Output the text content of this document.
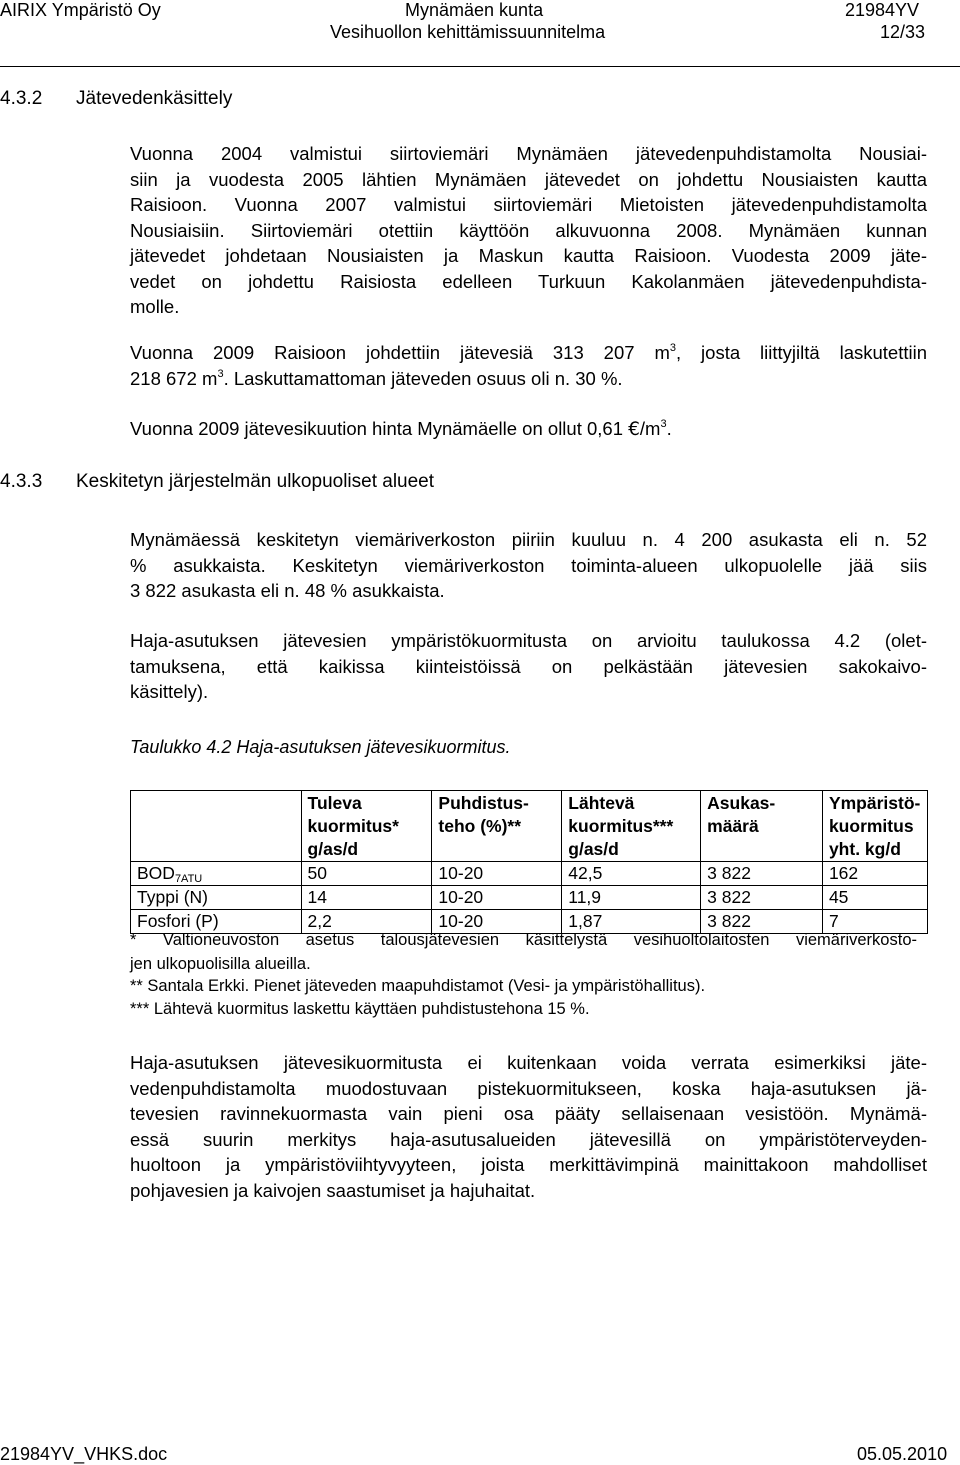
AIRIX Ympäristö Oy	Mynämäen kunta	21984YV
Vesihuollon kehittämissuunnitelma	12/33
4.3.2 Jätevedenkäsittely
Vuonna 2004 valmistui siirtoviemäri Mynämäen jätevedenpuhdistamolta Nousiai-
siin ja vuodesta 2005 lähtien Mynämäen jätevedet on johdettu Nousiaisten kautta
Raisioon. Vuonna 2007 valmistui siirtoviemäri Mietoisten jätevedenpuhdistamolta
Nousiaisiin. Siirtoviemäri otettiin käyttöön alkuvuonna 2008. Mynämäen kunnan
jätevedet johdetaan Nousiaisten ja Maskun kautta Raisioon. Vuodesta 2009 jäte-
vedet on johdettu Raisiosta edelleen Turkuun Kakolanmäen jätevedenpuhdista-
molle.
Vuonna 2009 Raisioon johdettiin jätevesiä 313 207 $m^3$, josta liittyjiltä laskutettiin
218 672 $m^3$. Laskuttamattoman jäteveden osuus oli n. 30 %.
Vuonna 2009 jätevesikuution hinta Mynämäelle on ollut 0,61 $€/m^3$.
4.3.3 Keskitetyn järjestelmän ulkopuoliset alueet
Mynämäessä keskitetyn viemäriverkoston piiriin kuuluu n. 4 200 asukasta eli n. 52
% asukkaista. Keskitetyn viemäriverkoston toiminta-alueen ulkopuolelle jää siis
3 822 asukasta eli n. 48 % asukkaista.
Haja-asutuksen jätevesien ympäristökuormitusta on arvioitu taulukossa 4.2 (olet-
tamuksena, että kaikissa kiinteistöissä on pelkästään jätevesien sakokaivo-
käsittely).
Taulukko 4.2 Haja-asutuksen jätevesikuormitus.

	Tuleva
kuormitus*
g/as/d	Puhdistus-
teho (%)**	Lähtevä
kuormitus***
g/as/d	Asukas-
määrä	Ympäristö-
kuormitus
yht. kg/d

$BOD_{7ATU}$	50	10-20	42,5	3 822	162
Typpi (N)	14	10-20	11,9	3 822	45
Fosfori (P)	2,2	10-20	1,87	3 822	7
* Valtioneuvoston asetus talousjätevesien käsittelystä vesihuoltolaitosten viemäriverkosto-
jen ulkopuolisilla alueilla.
** Santala Erkki. Pienet jäteveden maapuhdistamot (Vesi- ja ympäristöhallitus).
*** Lähtevä kuormitus laskettu käyttäen puhdistustehona 15 %.
Haja-asutuksen jätevesikuormitusta ei kuitenkaan voida verrata esimerkiksi jäte-
vedenpuhdistamolta muodostuvaan pistekuormitukseen, koska haja-asutuksen jä-
tevesien ravinnekuormasta vain pieni osa pääty sellaisenaan vesistöön. Mynämä-
essä suurin merkitys haja-asutusalueiden jätevesillä on ympäristöterveyden-
huoltoon ja ympäristöviihtyvyyteen, joista merkittävimpinä mainittakoon mahdolliset
pohjavesien ja kaivojen saastumiset ja hajuhaitat.
21984YV_VHKS.doc	05.05.2010
